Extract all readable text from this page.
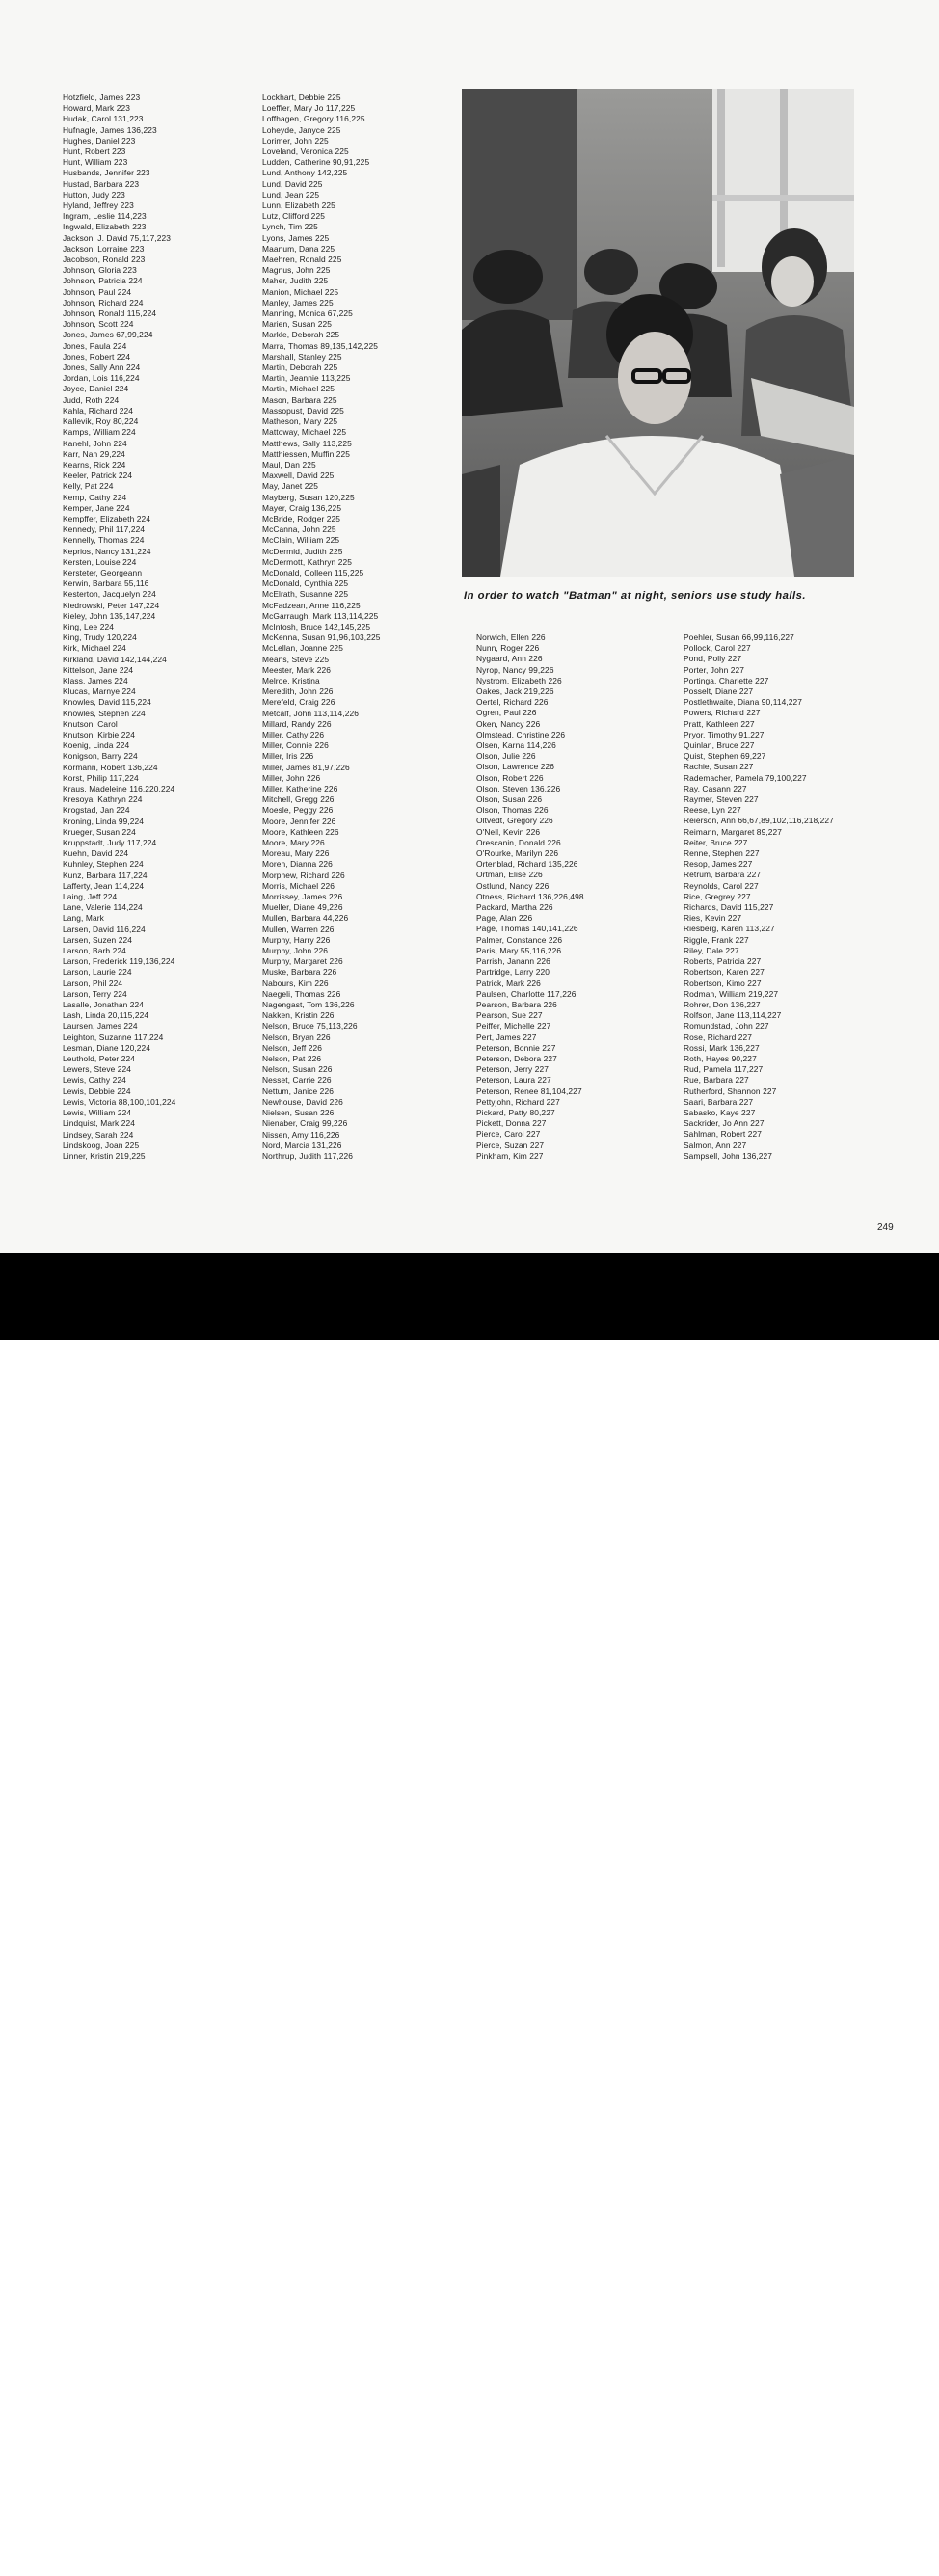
Hotzfield, James 223
Howard, Mark 223
Hudak, Carol 131,223
Hufnagle, James 136,223
Hughes, Daniel 223
Hunt, Robert 223
Hunt, William 223
Husbands, Jennifer 223
Hustad, Barbara 223
Hutton, Judy 223
Hyland, Jeffrey 223
Ingram, Leslie 114,223
Ingwald, Elizabeth 223
Jackson, J. David 75,117,223
Jackson, Lorraine 223
Jacobson, Ronald 223
Johnson, Gloria 223
Johnson, Patricia 224
Johnson, Paul 224
Johnson, Richard 224
Johnson, Ronald 115,224
Johnson, Scott 224
Jones, James 67,99,224
Jones, Paula 224
Jones, Robert 224
Jones, Sally Ann 224
Jordan, Lois 116,224
Joyce, Daniel 224
Judd, Roth 224
Kahla, Richard 224
Kallevik, Roy 80,224
Kamps, William 224
Kanehl, John 224
Karr, Nan 29,224
Kearns, Rick 224
Keeler, Patrick 224
Kelly, Pat 224
Kemp, Cathy 224
Kemper, Jane 224
Kempffer, Elizabeth 224
Kennedy, Phil 117,224
Kennelly, Thomas 224
Keprios, Nancy 131,224
Kersten, Louise 224
Kersteter, Georgeann
Kerwin, Barbara 55,116
Kesterton, Jacquelyn 224
Kiedrowski, Peter 147,224
Kieley, John 135,147,224
King, Lee 224
King, Trudy 120,224
Kirk, Michael 224
Kirkland, David 142,144,224
Kittelson, Jane 224
Klass, James 224
Klucas, Marnye 224
Knowles, David 115,224
Knowles, Stephen 224
Knutson, Carol
Knutson, Kirbie 224
Koenig, Linda 224
Konigson, Barry 224
Kormann, Robert 136,224
Korst, Philip 117,224
Kraus, Madeleine 116,220,224
Kresoya, Kathryn 224
Krogstad, Jan 224
Kroning, Linda 99,224
Krueger, Susan 224
Kruppstadt, Judy 117,224
Kuehn, David 224
Kuhnley, Stephen 224
Kunz, Barbara 117,224
Lafferty, Jean 114,224
Laing, Jeff 224
Lane, Valerie 114,224
Lang, Mark
Larsen, David 116,224
Larsen, Suzen 224
Larson, Barb 224
Larson, Frederick 119,136,224
Larson, Laurie 224
Larson, Phil 224
Larson, Terry 224
Lasalle, Jonathan 224
Lash, Linda 20,115,224
Laursen, James 224
Leighton, Suzanne 117,224
Lesman, Diane 120,224
Leuthold, Peter 224
Lewers, Steve 224
Lewis, Cathy 224
Lewis, Debbie 224
Lewis, Victoria 88,100,101,224
Lewis, William 224
Lindquist, Mark 224
Lindsey, Sarah 224
Lindskoog, Joan 225
Linner, Kristin 219,225
Lockhart, Debbie 225
Loeffler, Mary Jo 117,225
Loffhagen, Gregory 116,225
Loheyde, Janyce 225
Lorimer, John 225
Loveland, Veronica 225
Ludden, Catherine 90,91,225
Lund, Anthony 142,225
Lund, David 225
Lund, Jean 225
Lunn, Elizabeth 225
Lutz, Clifford 225
Lynch, Tim 225
Lyons, James 225
Maanum, Dana 225
Maehren, Ronald 225
Magnus, John 225
Maher, Judith 225
Manion, Michael 225
Manley, James 225
Manning, Monica 67,225
Marien, Susan 225
Markle, Deborah 225
Marra, Thomas 89,135,142,225
Marshall, Stanley 225
Martin, Deborah 225
Martin, Jeannie 113,225
Martin, Michael 225
Mason, Barbara 225
Massopust, David 225
Matheson, Mary 225
Mattoway, Michael 225
Matthews, Sally 113,225
Matthiessen, Muffin 225
Maul, Dan 225
Maxwell, David 225
May, Janet 225
Mayberg, Susan 120,225
Mayer, Craig 136,225
McBride, Rodger 225
McCanna, John 225
McClain, William 225
McDermid, Judith 225
McDermott, Kathryn 225
McDonald, Colleen 115,225
McDonald, Cynthia 225
McElrath, Susanne 225
McFadzean, Anne 116,225
McGarraugh, Mark 113,114,225
McIntosh, Bruce 142,145,225
McKenna, Susan 91,96,103,225
McLellan, Joanne 225
Means, Steve 225
Meester, Mark 226
Melroe, Kristina
Meredith, John 226
Merefeld, Craig 226
Metcalf, John 113,114,226
Millard, Randy 226
Miller, Cathy 226
Miller, Connie 226
Miller, Iris 226
Miller, James 81,97,226
Miller, John 226
Miller, Katherine 226
Mitchell, Gregg 226
Moesle, Peggy 226
Moore, Jennifer 226
Moore, Kathleen 226
Moore, Mary 226
Moreau, Mary 226
Moren, Dianna 226
Morphew, Richard 226
Morris, Michael 226
Morrissey, James 226
Mueller, Diane 49,226
Mullen, Barbara 44,226
Mullen, Warren 226
Murphy, Harry 226
Murphy, John 226
Murphy, Margaret 226
Muske, Barbara 226
Nabours, Kim 226
Naegeli, Thomas 226
Nagengast, Tom 136,226
Nakken, Kristin 226
Nelson, Bruce 75,113,226
Nelson, Bryan 226
Nelson, Jeff 226
Nelson, Pat 226
Nelson, Susan 226
Nesset, Carrie 226
Nettum, Janice 226
Newhouse, David 226
Nielsen, Susan 226
Nienaber, Craig 99,226
Nissen, Amy 116,226
Nord, Marcia 131,226
Northrup, Judith 117,226
In order to watch "Batman" at night, seniors use study halls.
Norwich, Ellen 226
Nunn, Roger 226
Nygaard, Ann 226
Nyrop, Nancy 99,226
Nystrom, Elizabeth 226
Oakes, Jack 219,226
Oertel, Richard 226
Ogren, Paul 226
Oken, Nancy 226
Olmstead, Christine 226
Olsen, Karna 114,226
Olson, Julie 226
Olson, Lawrence 226
Olson, Robert 226
Olson, Steven 136,226
Olson, Susan 226
Olson, Thomas 226
Oltvedt, Gregory 226
O'Neil, Kevin 226
Orescanin, Donald 226
O'Rourke, Marilyn 226
Ortenblad, Richard 135,226
Ortman, Elise 226
Ostlund, Nancy 226
Otness, Richard 136,226,498
Packard, Martha 226
Page, Alan 226
Page, Thomas 140,141,226
Palmer, Constance 226
Paris, Mary 55,116,226
Parrish, Janann 226
Partridge, Larry 220
Patrick, Mark 226
Paulsen, Charlotte 117,226
Pearson, Barbara 226
Pearson, Sue 227
Peiffer, Michelle 227
Pert, James 227
Peterson, Bonnie 227
Peterson, Debora 227
Peterson, Jerry 227
Peterson, Laura 227
Peterson, Renee 81,104,227
Pettyjohn, Richard 227
Pickard, Patty 80,227
Pickett, Donna 227
Pierce, Carol 227
Pierce, Suzan 227
Pinkham, Kim 227
Poehler, Susan 66,99,116,227
Pollock, Carol 227
Pond, Polly 227
Porter, John 227
Portinga, Charlette 227
Posselt, Diane 227
Postlethwaite, Diana 90,114,227
Powers, Richard 227
Pratt, Kathleen 227
Pryor, Timothy 91,227
Quinlan, Bruce 227
Quist, Stephen 69,227
Rachie, Susan 227
Rademacher, Pamela 79,100,227
Ray, Casann 227
Raymer, Steven 227
Reese, Lyn 227
Reierson, Ann 66,67,89,102,116,218,227
Reimann, Margaret 89,227
Reiter, Bruce 227
Renne, Stephen 227
Resop, James 227
Retrum, Barbara 227
Reynolds, Carol 227
Rice, Gregrey 227
Richards, David 115,227
Ries, Kevin 227
Riesberg, Karen 113,227
Riggle, Frank 227
Riley, Dale 227
Roberts, Patricia 227
Robertson, Karen 227
Robertson, Kimo 227
Rodman, William 219,227
Rohrer, Don 136,227
Rolfson, Jane 113,114,227
Romundstad, John 227
Rose, Richard 227
Rossi, Mark 136,227
Roth, Hayes 90,227
Rud, Pamela 117,227
Rue, Barbara 227
Rutherford, Shannon 227
Saari, Barbara 227
Sabasko, Kaye 227
Sackrider, Jo Ann 227
Sahlman, Robert 227
Salmon, Ann 227
Sampsell, John 136,227
249
alamy	Image ID: 3A6PXTM
www.alamy.com
